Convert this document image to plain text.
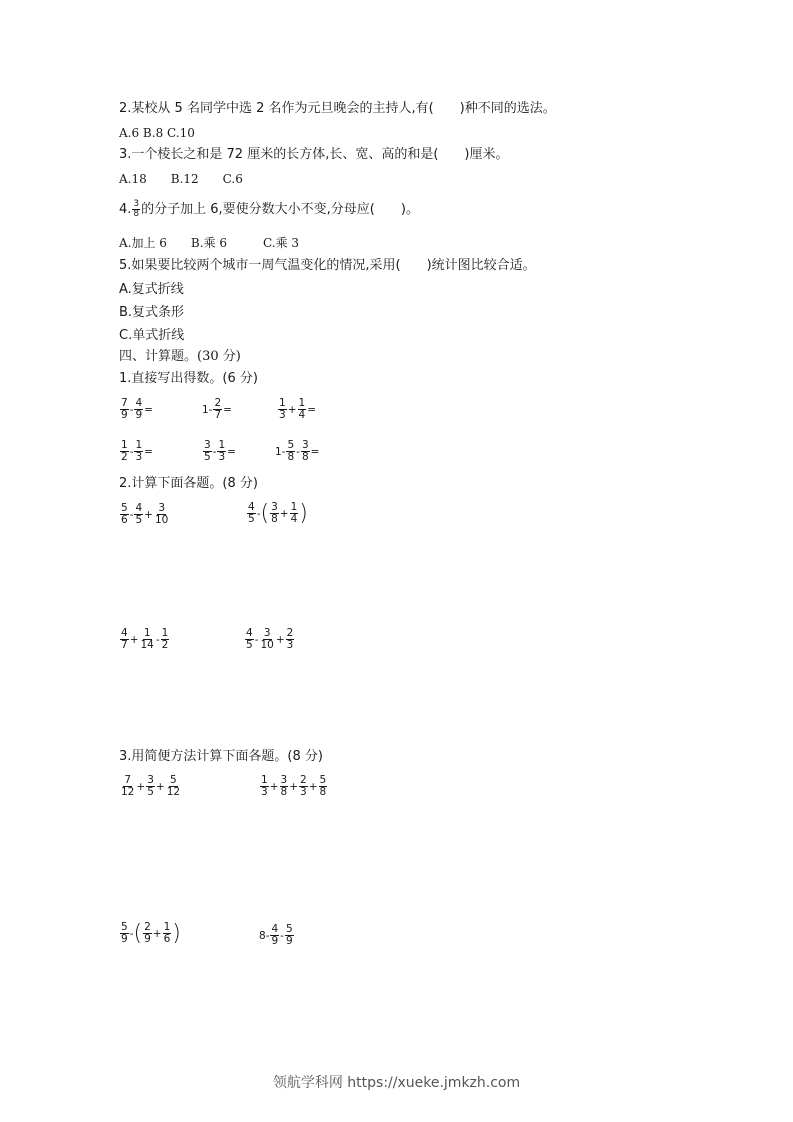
2.某校从 5 名同学中选 2 名作为元旦晚会的主持人,有(　　)种不同的选法。
A.6 B.8 C.10
3.一个棱长之和是 72 厘米的长方体,长、宽、高的和是(　　)厘米。
A.18　　B.12　　C.6
4. $\frac{3}{8}$ 的分子加上 6,要使分数大小不变,分母应(　　)。
A.加上 6　　B.乘 6　　　C.乘 3
5.如果要比较两个城市一周气温变化的情况,采用(　　)统计图比较合适。
A.复式折线
B.复式条形
C.单式折线
四、计算题。(30 分)
1.直接写出得数。(6 分)
$\frac{7}{9} - \frac{4}{9}$ =	$1- \frac{2}{7}$ =	$\frac{1}{3} + \frac{1}{4}$ =
$\frac{1}{2} - \frac{1}{3}$ =	$\frac{3}{5} - \frac{1}{3}$ =	$1- \frac{5}{8} - \frac{3}{8}$ =
2.计算下面各题。(8 分)
$\frac{5}{6} - \frac{4}{5} + \frac{3}{10}$	$\frac{4}{5}$ - ( $\frac{3}{8} + \frac{1}{4}$ )
$\frac{4}{7} + \frac{1}{14} - \frac{1}{2}$	$\frac{4}{5} - \frac{3}{10} + \frac{2}{3}$
3.用简便方法计算下面各题。(8 分)
$\frac{7}{12} + \frac{3}{5} + \frac{5}{12}$	$\frac{1}{3} + \frac{3}{8} + \frac{2}{3} + \frac{5}{8}$
$\frac{5}{9}$ - ( $\frac{2}{9} + \frac{1}{6}$ )	$8- \frac{4}{9} - \frac{5}{9}$
领航学科网 https://xueke.jmkzh.com
